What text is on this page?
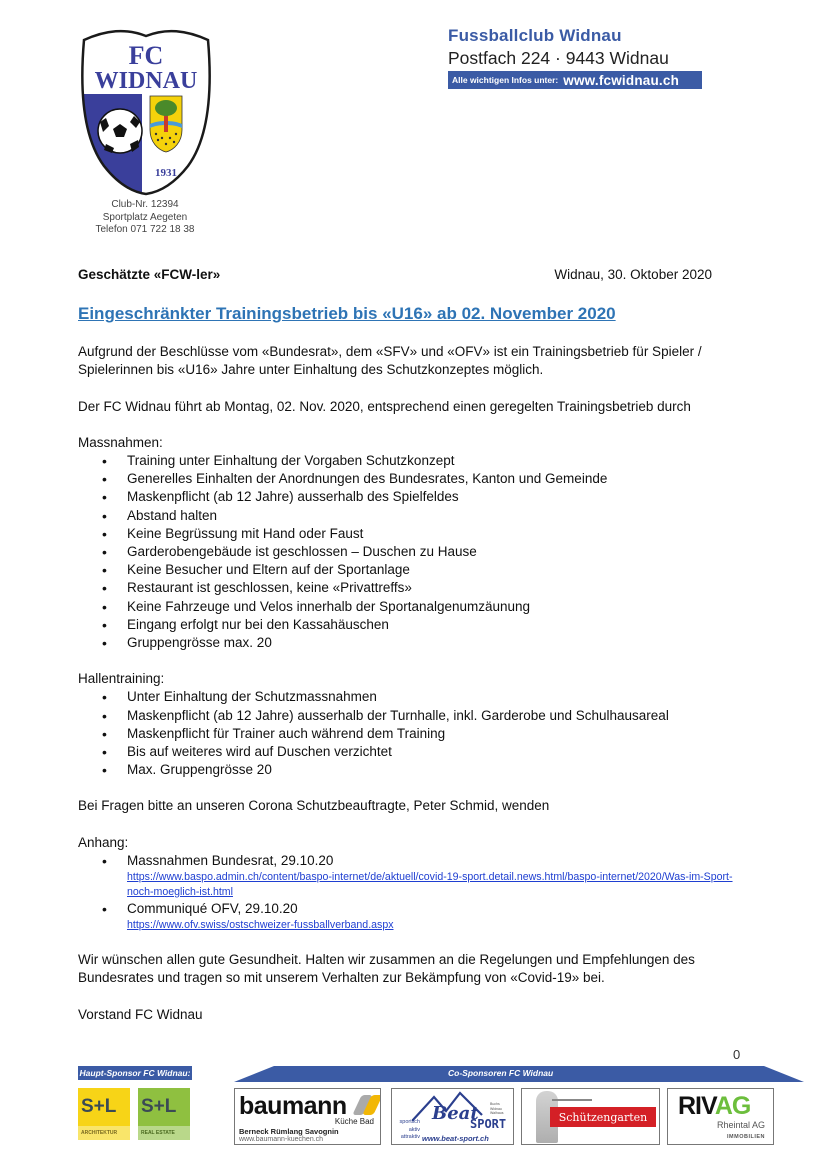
FC
WIDNAU
1931
Club-Nr. 12394
Sportplatz Aegeten
Telefon 071 722 18 38
Fussballclub Widnau
Postfach 224 · 9443 Widnau
Alle wichtigen Infos unter: www.fcwidnau.ch
Geschätzte «FCW-ler»	Widnau, 30. Oktober 2020
Eingeschränkter Trainingsbetrieb bis «U16» ab 02. November 2020

Aufgrund der Beschlüsse vom «Bundesrat», dem «SFV» und «OFV» ist ein Trainingsbetrieb für Spieler / Spielerinnen bis «U16» Jahre unter Einhaltung des Schutzkonzeptes möglich.

Der FC Widnau führt ab Montag, 02. Nov. 2020, entsprechend einen geregelten Trainingsbetrieb durch

Massnahmen:
• Training unter Einhaltung der Vorgaben Schutzkonzept
• Generelles Einhalten der Anordnungen des Bundesrates, Kanton und Gemeinde
• Maskenpflicht (ab 12 Jahre) ausserhalb des Spielfeldes
• Abstand halten
• Keine Begrüssung mit Hand oder Faust
• Garderobengebäude ist geschlossen – Duschen zu Hause
• Keine Besucher und Eltern auf der Sportanlage
• Restaurant ist geschlossen, keine «Privattreffs»
• Keine Fahrzeuge und Velos innerhalb der Sportanalgenumzäunung
• Eingang erfolgt nur bei den Kassahäuschen
• Gruppengrösse max. 20
Hallentraining:
• Unter Einhaltung der Schutzmassnahmen
• Maskenpflicht (ab 12 Jahre) ausserhalb der Turnhalle, inkl. Garderobe und Schulhausareal
• Maskenpflicht für Trainer auch während dem Training
• Bis auf weiteres wird auf Duschen verzichtet
• Max. Gruppengrösse 20

Bei Fragen bitte an unseren Corona Schutzbeauftragte, Peter Schmid, wenden

Anhang:
• Massnahmen Bundesrat, 29.10.20
https://www.baspo.admin.ch/content/baspo-internet/de/aktuell/covid-19-sport.detail.news.html/baspo-internet/2020/Was-im-Sport-noch-moeglich-ist.html
• Communiqué OFV, 29.10.20
https://www.ofv.swiss/ostschweizer-fussballverband.aspx

Wir wünschen allen gute Gesundheit. Halten wir zusammen an die Regelungen und Empfehlungen des Bundesrates und tragen so mit unserem Verhalten zur Bekämpfung von «Covid-19» bei.

Vorstand FC Widnau

0
Haupt-Sponsor FC Widnau:
S+L
ARCHITEKTUR
S+L
REAL ESTATE
Co-Sponsoren FC Widnau
baumann
Küche Bad
Berneck Rümlang Savognin
www.baumann-kuechen.ch
sportlich
aktiv
attraktiv
Beat	Buchs
Widnau
Walhaus
SPORT
www.beat-sport.ch
Schützengarten	RIVAG
Rheintal AG
IMMOBILIEN
